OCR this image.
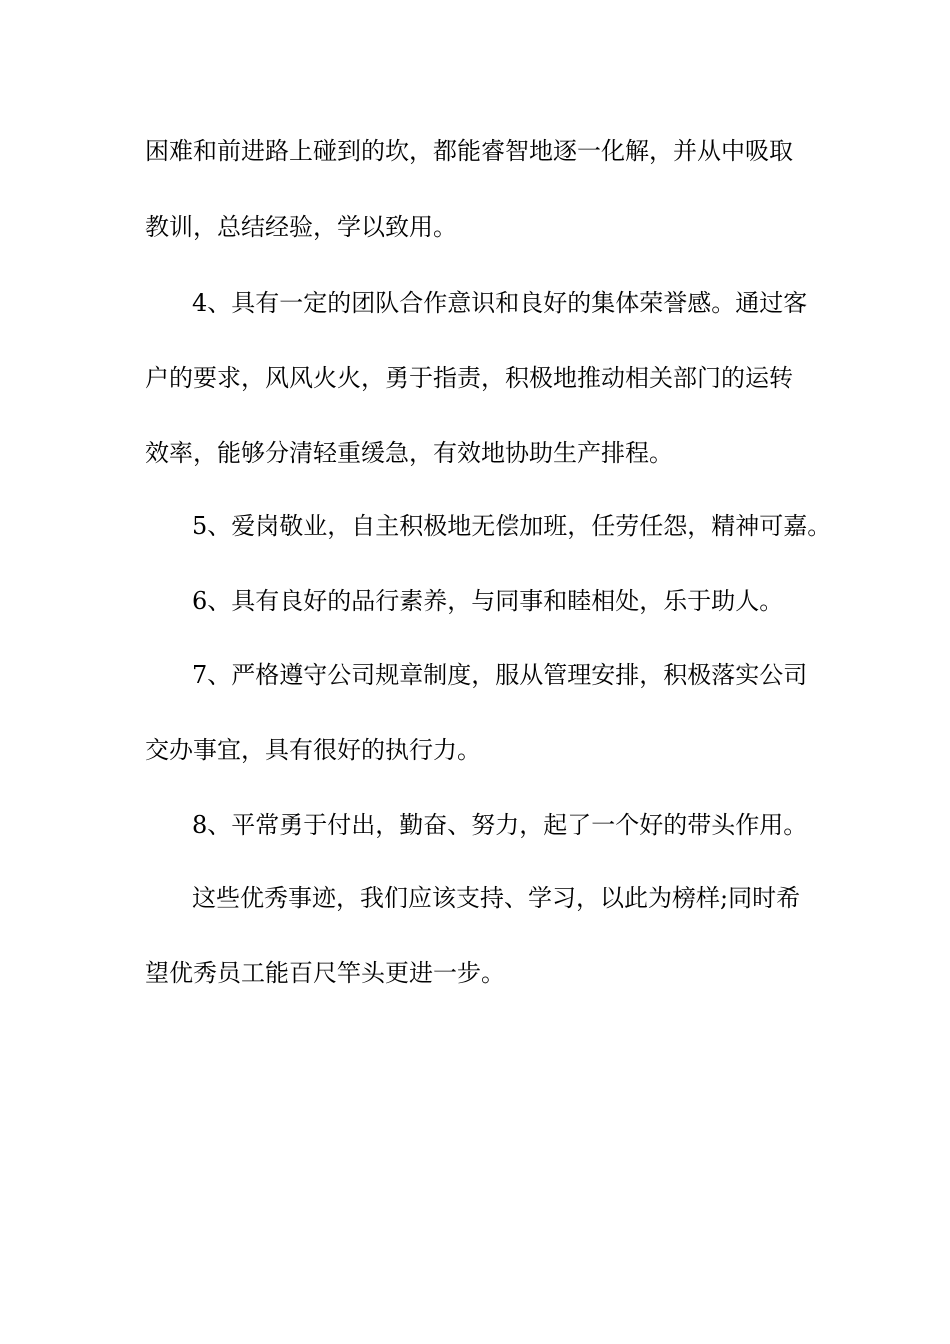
困难和前进路上碰到的坎，都能睿智地逐一化解，并从中吸取
教训，总结经验，学以致用。
4、具有一定的团队合作意识和良好的集体荣誉感。通过客
户的要求，风风火火，勇于指责，积极地推动相关部门的运转
效率，能够分清轻重缓急，有效地协助生产排程。
5、爱岗敬业，自主积极地无偿加班，任劳任怨，精神可嘉。
6、具有良好的品行素养，与同事和睦相处，乐于助人。
7、严格遵守公司规章制度，服从管理安排，积极落实公司
交办事宜，具有很好的执行力。
8、平常勇于付出，勤奋、努力，起了一个好的带头作用。
这些优秀事迹，我们应该支持、学习，以此为榜样;同时希
望优秀员工能百尺竿头更进一步。
